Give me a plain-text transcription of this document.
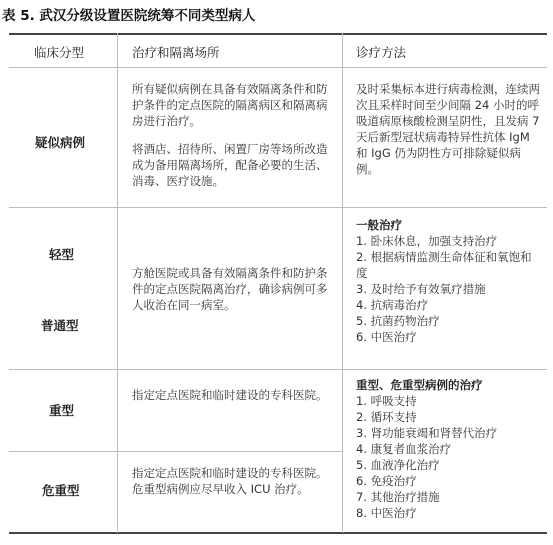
表 5. 武汉分级设置医院统筹不同类型病人
临床分型	治疗和隔离场所	诊疗方法
疑似病例

所有疑似病例在具备有效隔离条件和防护条件的定点医院的隔离病区和隔离病房进行治疗。

将酒店、招待所、闲置厂房等场所改造成为备用隔离场所，配备必要的生活、消毒、医疗设施。

及时采集标本进行病毒检测，连续两次且采样时间至少间隔 24 小时的呼吸道病原核酸检测呈阴性，且发病 7 天后新型冠状病毒特异性抗体 IgM 和 IgG 仍为阴性方可排除疑似病例。
轻型
普通型
方舱医院或具备有效隔离条件和防护条件的定点医院隔离治疗，确诊病例可多人收治在同一病室。
一般治疗
1. 卧床休息，加强支持治疗
2. 根据病情监测生命体征和氧饱和度
3. 及时给予有效氧疗措施
4. 抗病毒治疗
5. 抗菌药物治疗
6. 中医治疗
重型
指定定点医院和临时建设的专科医院。
危重型
指定定点医院和临时建设的专科医院。危重型病例应尽早收入 ICU 治疗。
重型、危重型病例的治疗
1. 呼吸支持
2. 循环支持
3. 肾功能衰竭和肾替代治疗
4. 康复者血浆治疗
5. 血液净化治疗
6. 免疫治疗
7. 其他治疗措施
8. 中医治疗
